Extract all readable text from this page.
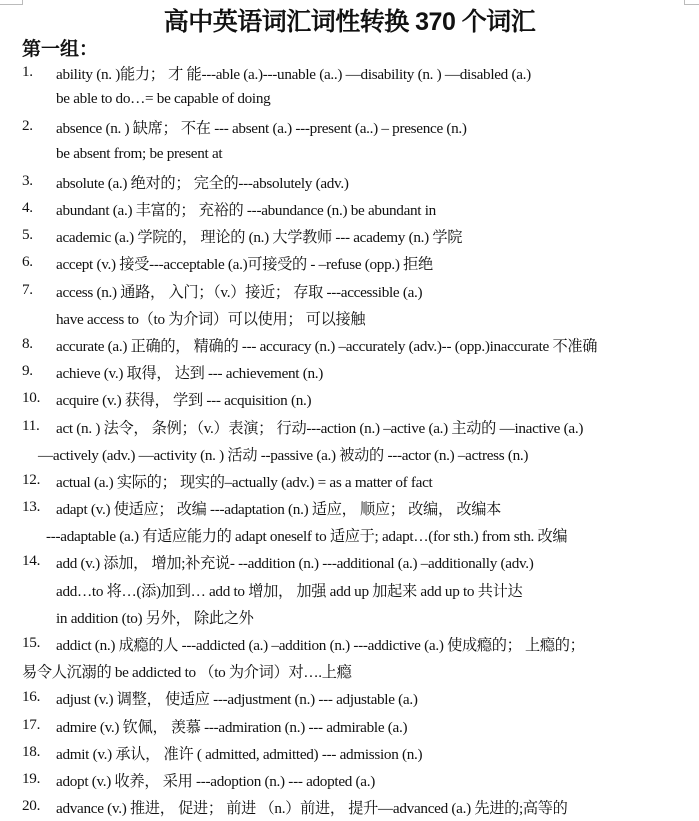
高中英语词汇词性转换 370 个词汇
第一组：
1. ability (n. )能力； 才 能---able (a.)---unable (a..) —disability (n. ) —disabled (a.)
be able to do…= be capable of doing
2. absence (n. ) 缺席； 不在 --- absent (a.) ---present (a..) – presence (n.)
be absent from; be present at
3. absolute (a.) 绝对的； 完全的---absolutely (adv.)
4. abundant (a.) 丰富的； 充裕的 ---abundance (n.) be abundant in
5. academic (a.) 学院的， 理论的 (n.) 大学教师 --- academy (n.) 学院
6. accept (v.) 接受---acceptable (a.)可接受的 - –refuse (opp.) 拒绝
7. access (n.) 通路， 入门；（v.）接近； 存取 ---accessible (a.)
have access to（to 为介词）可以使用； 可以接触
8. accurate (a.) 正确的， 精确的 --- accuracy (n.) –accurately (adv.)-- (opp.)inaccurate 不准确
9. achieve (v.) 取得， 达到 --- achievement (n.)
10. acquire (v.) 获得， 学到 --- acquisition (n.)
11. act (n. ) 法令， 条例；（v.）表演； 行动---action (n.) –active (a.) 主动的 —inactive (a.)
—actively (adv.) —activity (n. ) 活动 --passive (a.) 被动的 ---actor (n.) –actress (n.)
12. actual (a.) 实际的； 现实的–actually (adv.) = as a matter of fact
13. adapt (v.) 使适应； 改编 ---adaptation (n.) 适应， 顺应； 改编， 改编本
---adaptable (a.) 有适应能力的 adapt oneself to 适应于; adapt…(for sth.) from sth. 改编
14. add (v.) 添加， 增加;补充说- --addition (n.) ---additional (a.) –additionally (adv.)
add…to 将…(添)加到… add to 增加， 加强 add up 加起来 add up to 共计达
in addition (to) 另外， 除此之外
15. addict (n.) 成瘾的人 ---addicted (a.) –addition (n.) ---addictive (a.) 使成瘾的； 上瘾的；
易令人沉溺的 be addicted to （to 为介词）对….上瘾
16. adjust (v.) 调整， 使适应 ---adjustment (n.) --- adjustable (a.)
17. admire (v.) 钦佩， 羡慕 ---admiration (n.) --- admirable (a.)
18. admit (v.) 承认， 准许 ( admitted, admitted) --- admission (n.)
19. adopt (v.) 收养， 采用 ---adoption (n.) --- adopted (a.)
20. advance (v.) 推进， 促进； 前进 （n.）前进， 提升—advanced (a.) 先进的;高等的
